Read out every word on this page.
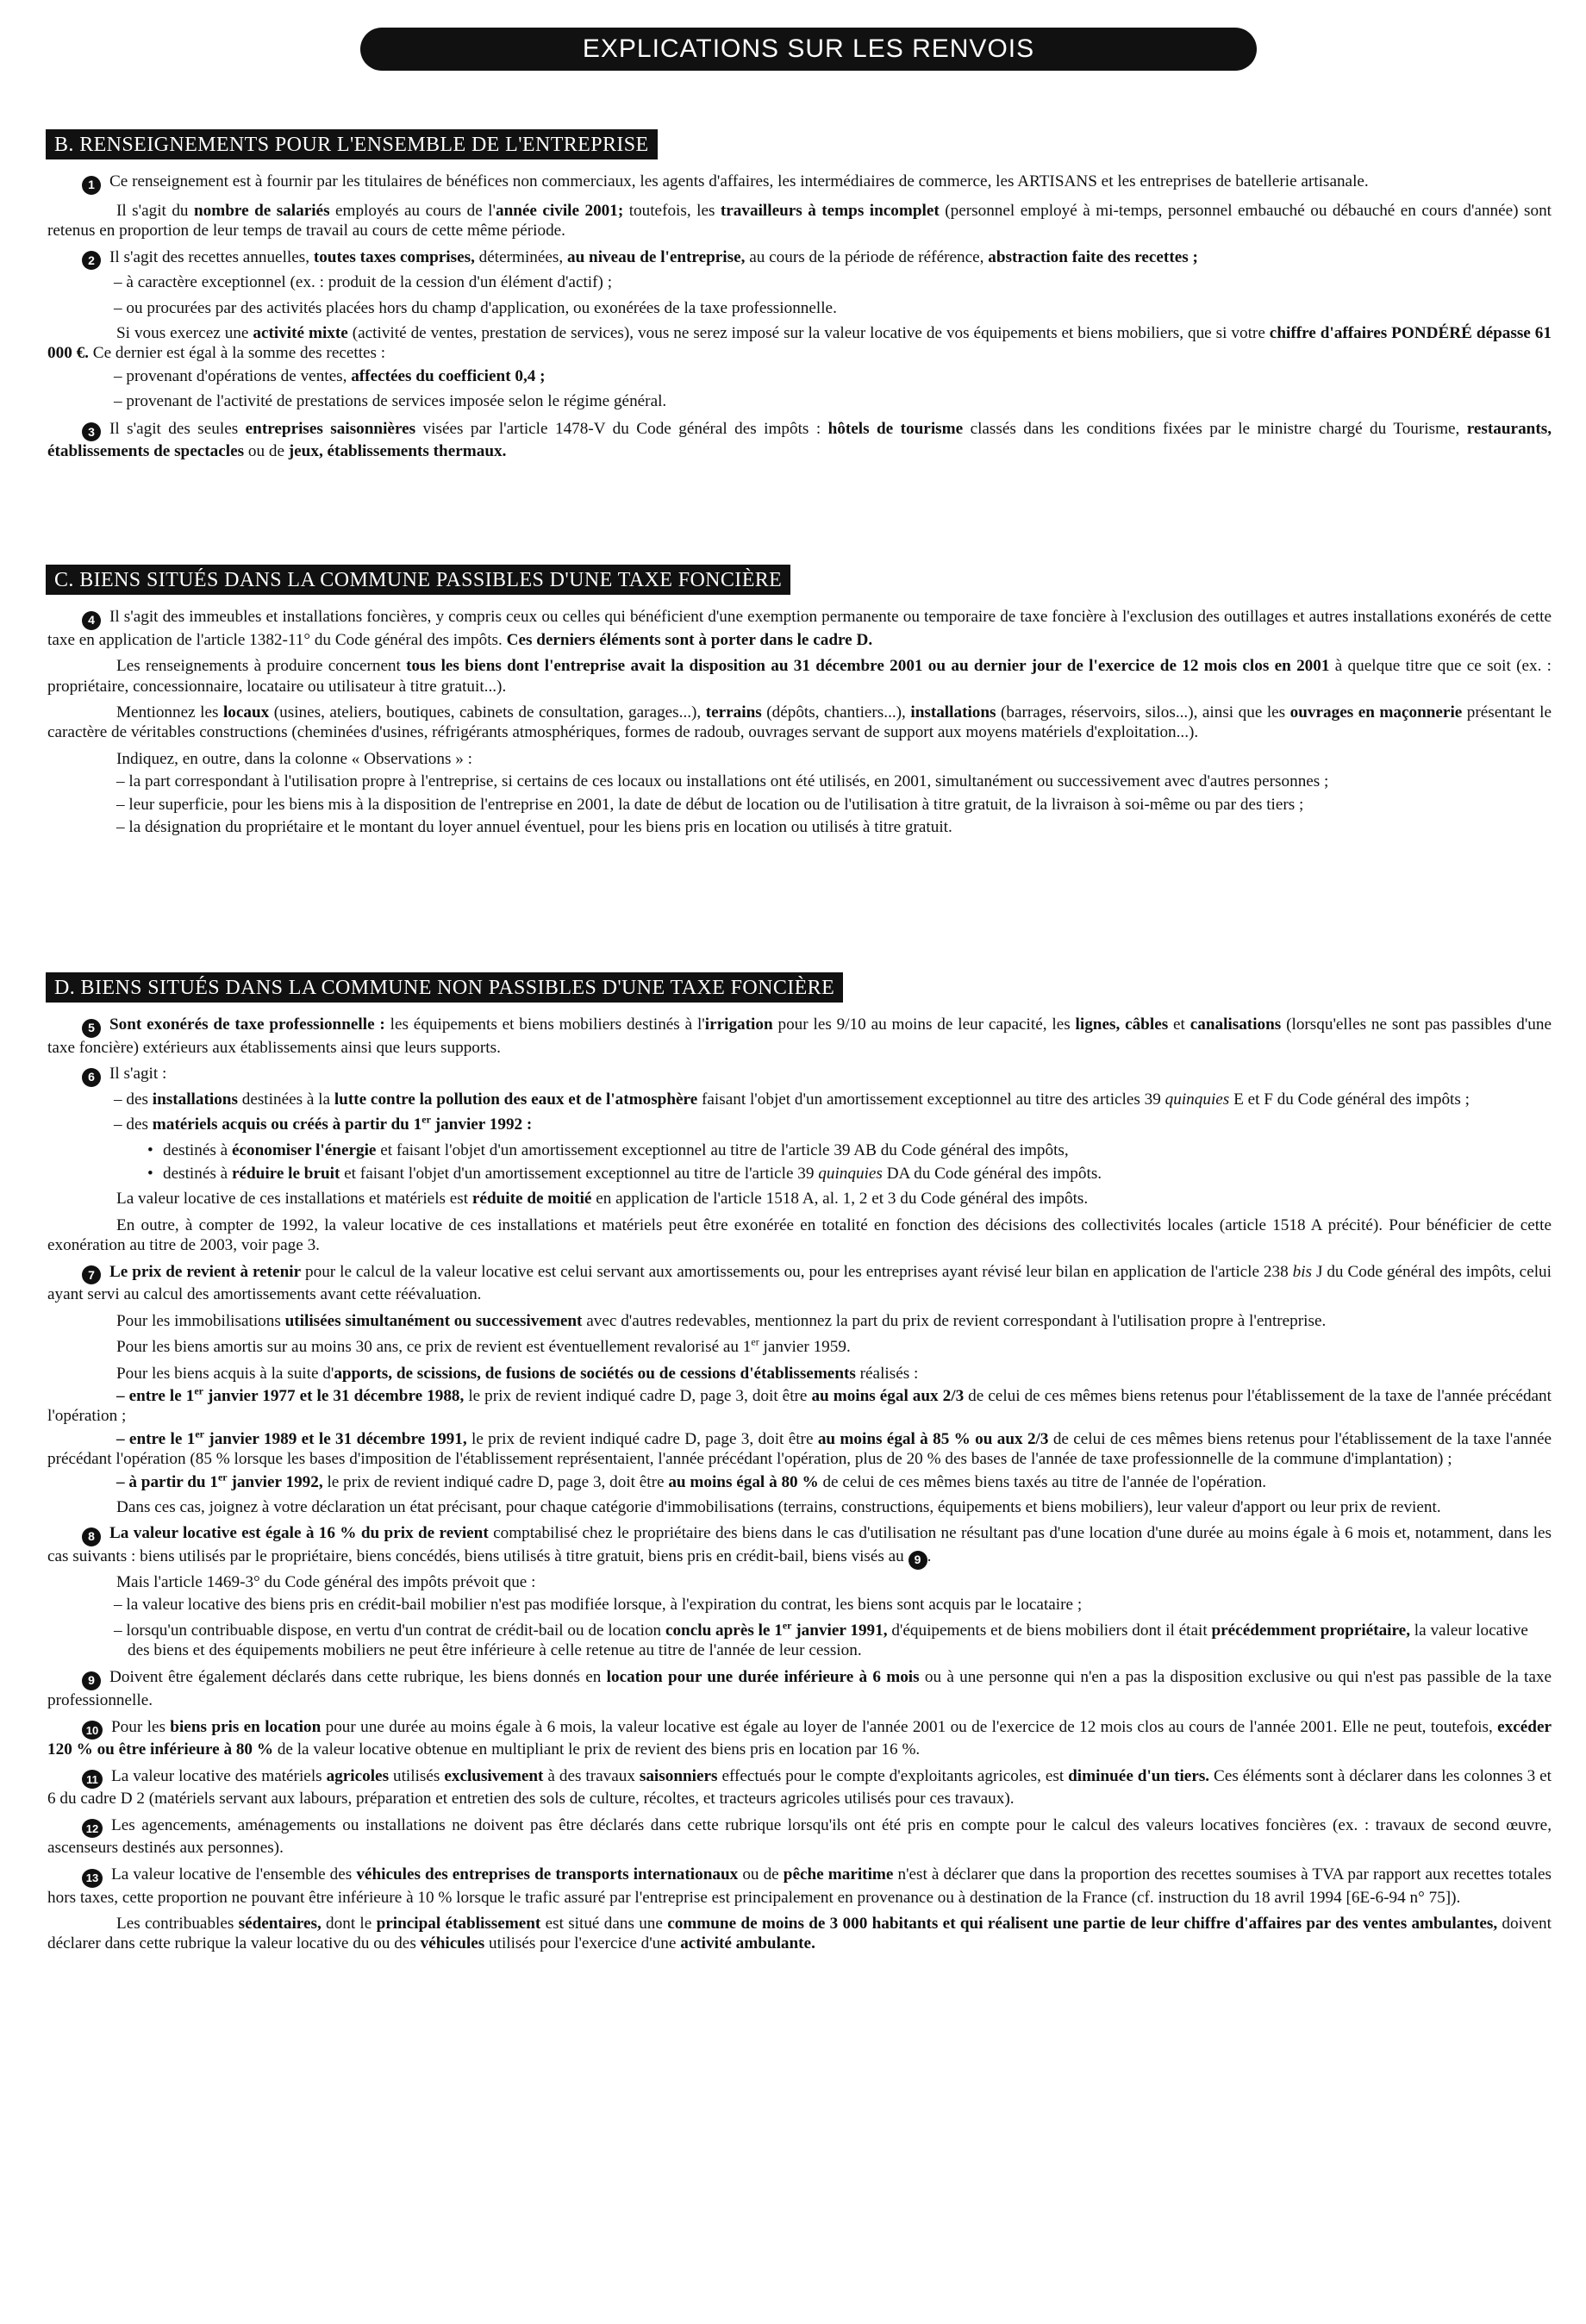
EXPLICATIONS SUR LES RENVOIS
B. RENSEIGNEMENTS POUR L'ENSEMBLE DE L'ENTREPRISE

1 Ce renseignement est à fournir par les titulaires de bénéfices non commerciaux, les agents d'affaires, les intermédiaires de commerce, les ARTISANS et les entreprises de batellerie artisanale.

Il s'agit du nombre de salariés employés au cours de l'année civile 2001; toutefois, les travailleurs à temps incomplet (personnel employé à mi-temps, personnel embauché ou débauché en cours d'année) sont retenus en proportion de leur temps de travail au cours de cette même période.

2 Il s'agit des recettes annuelles, toutes taxes comprises, déterminées, au niveau de l'entreprise, au cours de la période de référence, abstraction faite des recettes ;

– à caractère exceptionnel (ex. : produit de la cession d'un élément d'actif) ;

– ou procurées par des activités placées hors du champ d'application, ou exonérées de la taxe professionnelle.

Si vous exercez une activité mixte (activité de ventes, prestation de services), vous ne serez imposé sur la valeur locative de vos équipements et biens mobiliers, que si votre chiffre d'affaires PONDÉRÉ dépasse 61 000 €. Ce dernier est égal à la somme des recettes :

– provenant d'opérations de ventes, affectées du coefficient 0,4 ;

– provenant de l'activité de prestations de services imposée selon le régime général.

3 Il s'agit des seules entreprises saisonnières visées par l'article 1478-V du Code général des impôts : hôtels de tourisme classés dans les conditions fixées par le ministre chargé du Tourisme, restaurants, établissements de spectacles ou de jeux, établissements thermaux.

C. BIENS SITUÉS DANS LA COMMUNE PASSIBLES D'UNE TAXE FONCIÈRE

4 Il s'agit des immeubles et installations foncières, y compris ceux ou celles qui bénéficient d'une exemption permanente ou temporaire de taxe foncière à l'exclusion des outillages et autres installations exonérés de cette taxe en application de l'article 1382-11° du Code général des impôts. Ces derniers éléments sont à porter dans le cadre D.

Les renseignements à produire concernent tous les biens dont l'entreprise avait la disposition au 31 décembre 2001 ou au dernier jour de l'exercice de 12 mois clos en 2001 à quelque titre que ce soit (ex. : propriétaire, concessionnaire, locataire ou utilisateur à titre gratuit...).

Mentionnez les locaux (usines, ateliers, boutiques, cabinets de consultation, garages...), terrains (dépôts, chantiers...), installations (barrages, réservoirs, silos...), ainsi que les ouvrages en maçonnerie présentant le caractère de véritables constructions (cheminées d'usines, réfrigérants atmosphériques, formes de radoub, ouvrages servant de support aux moyens matériels d'exploitation...).

Indiquez, en outre, dans la colonne « Observations » :

– la part correspondant à l'utilisation propre à l'entreprise, si certains de ces locaux ou installations ont été utilisés, en 2001, simultanément ou successivement avec d'autres personnes ;

– leur superficie, pour les biens mis à la disposition de l'entreprise en 2001, la date de début de location ou de l'utilisation à titre gratuit, de la livraison à soi-même ou par des tiers ;

– la désignation du propriétaire et le montant du loyer annuel éventuel, pour les biens pris en location ou utilisés à titre gratuit.

D. BIENS SITUÉS DANS LA COMMUNE NON PASSIBLES D'UNE TAXE FONCIÈRE

5 Sont exonérés de taxe professionnelle : les équipements et biens mobiliers destinés à l'irrigation pour les 9/10 au moins de leur capacité, les lignes, câbles et canalisations (lorsqu'elles ne sont pas passibles d'une taxe foncière) extérieurs aux établissements ainsi que leurs supports.

6 Il s'agit :

– des installations destinées à la lutte contre la pollution des eaux et de l'atmosphère faisant l'objet d'un amortissement exceptionnel au titre des articles 39 quinquies E et F du Code général des impôts ;

– des matériels acquis ou créés à partir du 1er janvier 1992 :

• destinés à économiser l'énergie et faisant l'objet d'un amortissement exceptionnel au titre de l'article 39 AB du Code général des impôts,

• destinés à réduire le bruit et faisant l'objet d'un amortissement exceptionnel au titre de l'article 39 quinquies DA du Code général des impôts.

La valeur locative de ces installations et matériels est réduite de moitié en application de l'article 1518 A, al. 1, 2 et 3 du Code général des impôts.

En outre, à compter de 1992, la valeur locative de ces installations et matériels peut être exonérée en totalité en fonction des décisions des collectivités locales (article 1518 A précité). Pour bénéficier de cette exonération au titre de 2003, voir page 3.

7 Le prix de revient à retenir pour le calcul de la valeur locative est celui servant aux amortissements ou, pour les entreprises ayant révisé leur bilan en application de l'article 238 bis J du Code général des impôts, celui ayant servi au calcul des amortissements avant cette réévaluation.

Pour les immobilisations utilisées simultanément ou successivement avec d'autres redevables, mentionnez la part du prix de revient correspondant à l'utilisation propre à l'entreprise.

Pour les biens amortis sur au moins 30 ans, ce prix de revient est éventuellement revalorisé au 1er janvier 1959.

Pour les biens acquis à la suite d'apports, de scissions, de fusions de sociétés ou de cessions d'établissements réalisés :

– entre le 1er janvier 1977 et le 31 décembre 1988, le prix de revient indiqué cadre D, page 3, doit être au moins égal aux 2/3 de celui de ces mêmes biens retenus pour l'établissement de la taxe de l'année précédant l'opération ;

– entre le 1er janvier 1989 et le 31 décembre 1991, le prix de revient indiqué cadre D, page 3, doit être au moins égal à 85 % ou aux 2/3 de celui de ces mêmes biens retenus pour l'établissement de la taxe l'année précédant l'opération (85 % lorsque les bases d'imposition de l'établissement représentaient, l'année précédant l'opération, plus de 20 % des bases de l'année de taxe professionnelle de la commune d'implantation) ;

– à partir du 1er janvier 1992, le prix de revient indiqué cadre D, page 3, doit être au moins égal à 80 % de celui de ces mêmes biens taxés au titre de l'année de l'opération.

Dans ces cas, joignez à votre déclaration un état précisant, pour chaque catégorie d'immobilisations (terrains, constructions, équipements et biens mobiliers), leur valeur d'apport ou leur prix de revient.

8 La valeur locative est égale à 16 % du prix de revient comptabilisé chez le propriétaire des biens dans le cas d'utilisation ne résultant pas d'une location d'une durée au moins égale à 6 mois et, notamment, dans les cas suivants : biens utilisés par le propriétaire, biens concédés, biens utilisés à titre gratuit, biens pris en crédit-bail, biens visés au 9 .

Mais l'article 1469-3° du Code général des impôts prévoit que :

– la valeur locative des biens pris en crédit-bail mobilier n'est pas modifiée lorsque, à l'expiration du contrat, les biens sont acquis par le locataire ;

– lorsqu'un contribuable dispose, en vertu d'un contrat de crédit-bail ou de location conclu après le 1er janvier 1991, d'équipements et de biens mobiliers dont il était précédemment propriétaire, la valeur locative des biens et des équipements mobiliers ne peut être inférieure à celle retenue au titre de l'année de leur cession.

9 Doivent être également déclarés dans cette rubrique, les biens donnés en location pour une durée inférieure à 6 mois ou à une personne qui n'en a pas la disposition exclusive ou qui n'est pas passible de la taxe professionnelle.

10 Pour les biens pris en location pour une durée au moins égale à 6 mois, la valeur locative est égale au loyer de l'année 2001 ou de l'exercice de 12 mois clos au cours de l'année 2001. Elle ne peut, toutefois, excéder 120 % ou être inférieure à 80 % de la valeur locative obtenue en multipliant le prix de revient des biens pris en location par 16 %.

11 La valeur locative des matériels agricoles utilisés exclusivement à des travaux saisonniers effectués pour le compte d'exploitants agricoles, est diminuée d'un tiers. Ces éléments sont à déclarer dans les colonnes 3 et 6 du cadre D 2 (matériels servant aux labours, préparation et entretien des sols de culture, récoltes, et tracteurs agricoles utilisés pour ces travaux).

12 Les agencements, aménagements ou installations ne doivent pas être déclarés dans cette rubrique lorsqu'ils ont été pris en compte pour le calcul des valeurs locatives foncières (ex. : travaux de second œuvre, ascenseurs destinés aux personnes).

13 La valeur locative de l'ensemble des véhicules des entreprises de transports internationaux ou de pêche maritime n'est à déclarer que dans la proportion des recettes soumises à TVA par rapport aux recettes totales hors taxes, cette proportion ne pouvant être inférieure à 10 % lorsque le trafic assuré par l'entreprise est principalement en provenance ou à destination de la France (cf. instruction du 18 avril 1994 [6E-6-94 n° 75]).

Les contribuables sédentaires, dont le principal établissement est situé dans une commune de moins de 3 000 habitants et qui réalisent une partie de leur chiffre d'affaires par des ventes ambulantes, doivent déclarer dans cette rubrique la valeur locative du ou des véhicules utilisés pour l'exercice d'une activité ambulante.
